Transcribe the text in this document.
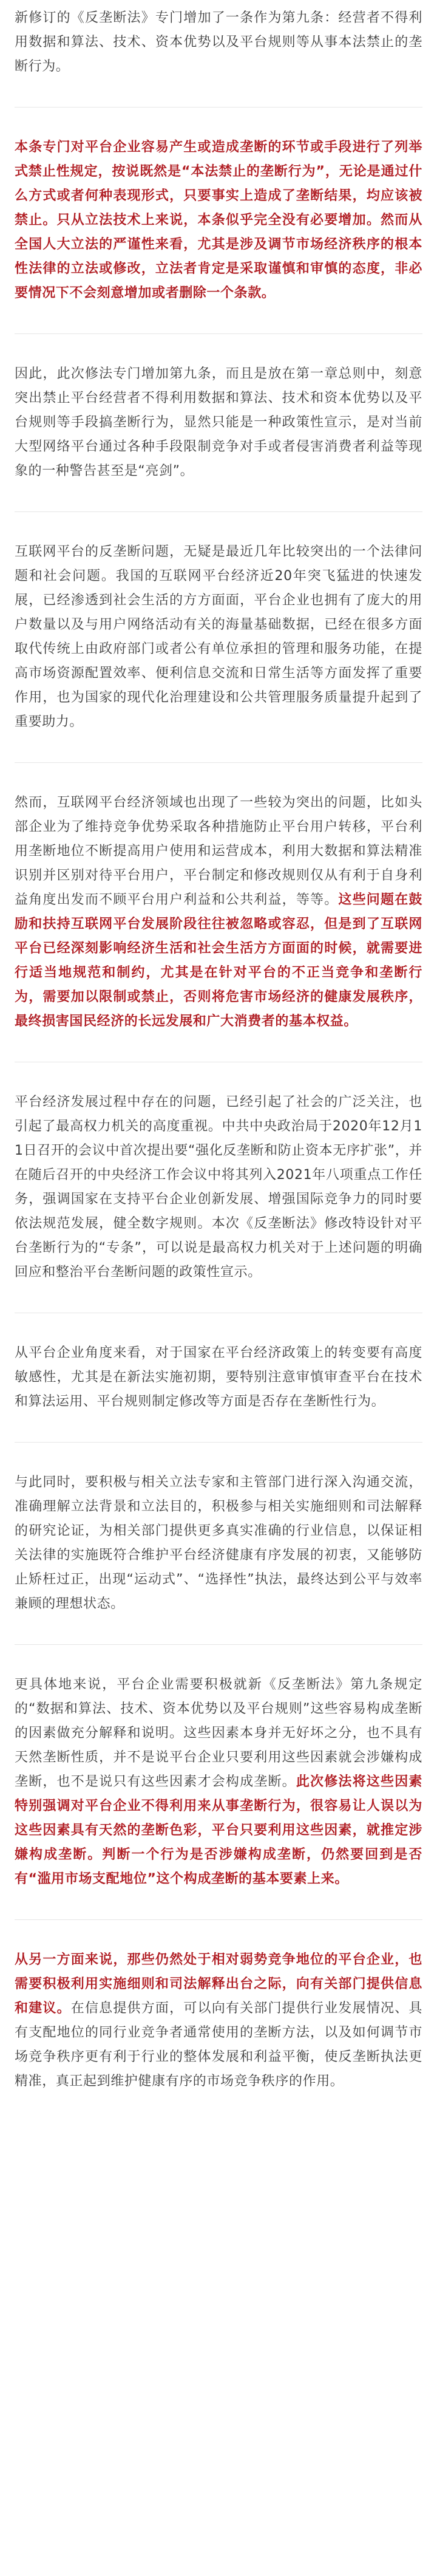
新修订的《反垄断法》专门增加了一条作为第九条：经营者不得利用数据和算法、技术、资本优势以及平台规则等从事本法禁止的垄断行为。

本条专门对平台企业容易产生或造成垄断的环节或手段进行了列举式禁止性规定，按说既然是“本法禁止的垄断行为”，无论是通过什么方式或者何种表现形式，只要事实上造成了垄断结果，均应该被禁止。只从立法技术上来说，本条似乎完全没有必要增加。然而从全国人大立法的严谨性来看，尤其是涉及调节市场经济秩序的根本性法律的立法或修改，立法者肯定是采取谨慎和审慎的态度，非必要情况下不会刻意增加或者删除一个条款。

因此，此次修法专门增加第九条，而且是放在第一章总则中，刻意突出禁止平台经营者不得利用数据和算法、技术和资本优势以及平台规则等手段搞垄断行为，显然只能是一种政策性宣示，是对当前大型网络平台通过各种手段限制竞争对手或者侵害消费者利益等现象的一种警告甚至是“亮剑”。

互联网平台的反垄断问题，无疑是最近几年比较突出的一个法律问题和社会问题。我国的互联网平台经济近20年突飞猛进的快速发展，已经渗透到社会生活的方方面面，平台企业也拥有了庞大的用户数量以及与用户网络活动有关的海量基础数据，已经在很多方面取代传统上由政府部门或者公有单位承担的管理和服务功能，在提高市场资源配置效率、便利信息交流和日常生活等方面发挥了重要作用，也为国家的现代化治理建设和公共管理服务质量提升起到了重要助力。

然而，互联网平台经济领域也出现了一些较为突出的问题，比如头部企业为了维持竞争优势采取各种措施防止平台用户转移，平台利用垄断地位不断提高用户使用和运营成本，利用大数据和算法精准识别并区别对待平台用户，平台制定和修改规则仅从有利于自身利益角度出发而不顾平台用户利益和公共利益，等等。这些问题在鼓励和扶持互联网平台发展阶段往往被忽略或容忍，但是到了互联网平台已经深刻影响经济生活和社会生活方方面面的时候，就需要进行适当地规范和制约，尤其是在针对平台的不正当竞争和垄断行为，需要加以限制或禁止，否则将危害市场经济的健康发展秩序，最终损害国民经济的长远发展和广大消费者的基本权益。

平台经济发展过程中存在的问题，已经引起了社会的广泛关注，也引起了最高权力机关的高度重视。中共中央政治局于2020年12月11日召开的会议中首次提出要“强化反垄断和防止资本无序扩张”，并在随后召开的中央经济工作会议中将其列入2021年八项重点工作任务，强调国家在支持平台企业创新发展、增强国际竞争力的同时要依法规范发展，健全数字规则。本次《反垄断法》修改特设针对平台垄断行为的“专条”，可以说是最高权力机关对于上述问题的明确回应和整治平台垄断问题的政策性宣示。

从平台企业角度来看，对于国家在平台经济政策上的转变要有高度敏感性，尤其是在新法实施初期，要特别注意审慎审查平台在技术和算法运用、平台规则制定修改等方面是否存在垄断性行为。

与此同时，要积极与相关立法专家和主管部门进行深入沟通交流，准确理解立法背景和立法目的，积极参与相关实施细则和司法解释的研究论证，为相关部门提供更多真实准确的行业信息，以保证相关法律的实施既符合维护平台经济健康有序发展的初衷，又能够防止矫枉过正，出现“运动式”、“选择性”执法，最终达到公平与效率兼顾的理想状态。

更具体地来说，平台企业需要积极就新《反垄断法》第九条规定的“数据和算法、技术、资本优势以及平台规则”这些容易构成垄断的因素做充分解释和说明。这些因素本身并无好坏之分，也不具有天然垄断性质，并不是说平台企业只要利用这些因素就会涉嫌构成垄断，也不是说只有这些因素才会构成垄断。此次修法将这些因素特别强调对平台企业不得利用来从事垄断行为，很容易让人误以为这些因素具有天然的垄断色彩，平台只要利用这些因素，就推定涉嫌构成垄断。判断一个行为是否涉嫌构成垄断，仍然要回到是否有“滥用市场支配地位”这个构成垄断的基本要素上来。

从另一方面来说，那些仍然处于相对弱势竞争地位的平台企业，也需要积极利用实施细则和司法解释出台之际，向有关部门提供信息和建议。在信息提供方面，可以向有关部门提供行业发展情况、具有支配地位的同行业竞争者通常使用的垄断方法，以及如何调节市场竞争秩序更有利于行业的整体发展和利益平衡，使反垄断执法更精准，真正起到维护健康有序的市场竞争秩序的作用。
